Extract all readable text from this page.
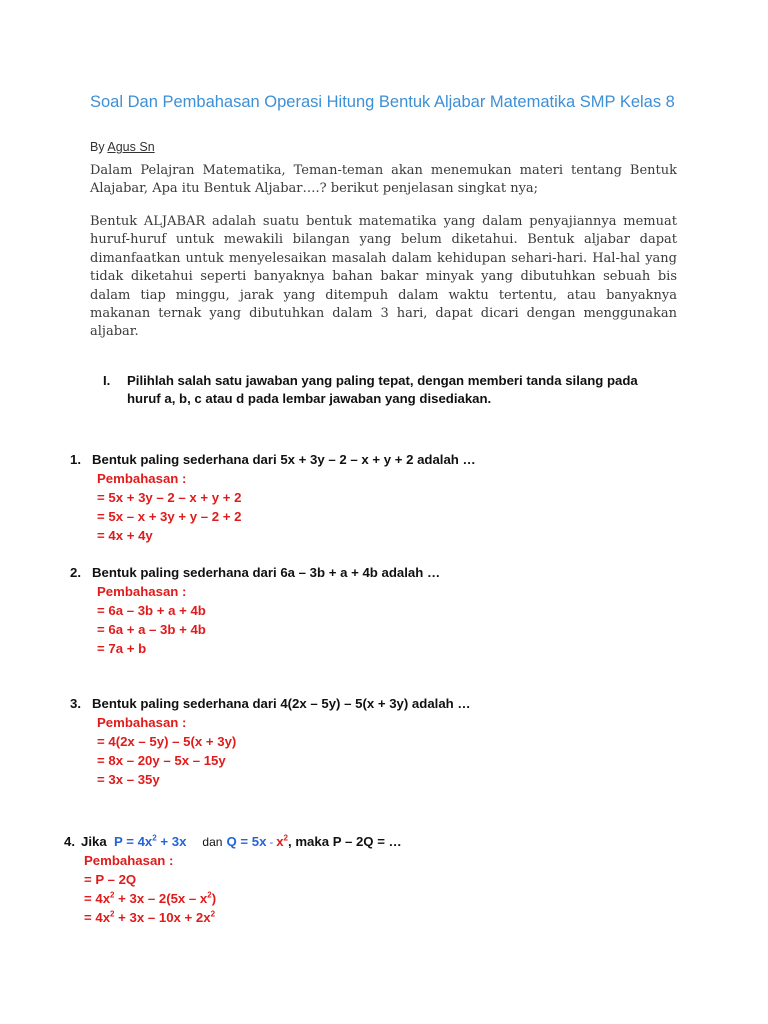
Soal Dan Pembahasan Operasi Hitung Bentuk Aljabar Matematika SMP Kelas 8
By Agus Sn

Dalam Pelajran Matematika, Teman-teman akan menemukan materi tentang Bentuk Alajabar, Apa itu Bentuk Aljabar….? berikut penjelasan singkat nya;

Bentuk ALJABAR adalah suatu bentuk matematika yang dalam penyajiannya memuat huruf-huruf untuk mewakili bilangan yang belum diketahui. Bentuk aljabar dapat dimanfaatkan untuk menyelesaikan masalah dalam kehidupan sehari-hari. Hal-hal yang tidak diketahui seperti banyaknya bahan bakar minyak yang dibutuhkan sebuah bis dalam tiap minggu, jarak yang ditempuh dalam waktu tertentu, atau banyaknya makanan ternak yang dibutuhkan dalam 3 hari, dapat dicari dengan menggunakan aljabar.

I.	Pilihlah salah satu jawaban yang paling tepat, dengan memberi tanda silang pada huruf a, b, c atau d pada lembar jawaban yang disediakan.
1. Bentuk paling sederhana dari 5x + 3y – 2 – x + y + 2 adalah …
Pembahasan :
= 5x + 3y – 2 – x + y + 2
= 5x – x + 3y + y – 2 + 2
= 4x + 4y
2. Bentuk paling sederhana dari 6a – 3b + a + 4b adalah …
Pembahasan :
= 6a – 3b + a + 4b
= 6a + a – 3b + 4b
= 7a + b
3. Bentuk paling sederhana dari 4(2x – 5y) – 5(x + 3y) adalah …
Pembahasan :
= 4(2x – 5y) – 5(x + 3y)
= 8x – 20y – 5x – 15y
= 3x – 35y
4. Jika
$P = 4x^2 + 3x$ dan $Q = 5x - x^2$ , maka P – 2Q = …
Pembahasan :
= P – 2Q
= $4x^2 + 3x - 2(5x - x^2)$
= $4x^2 + 3x - 10x + 2x^2$
